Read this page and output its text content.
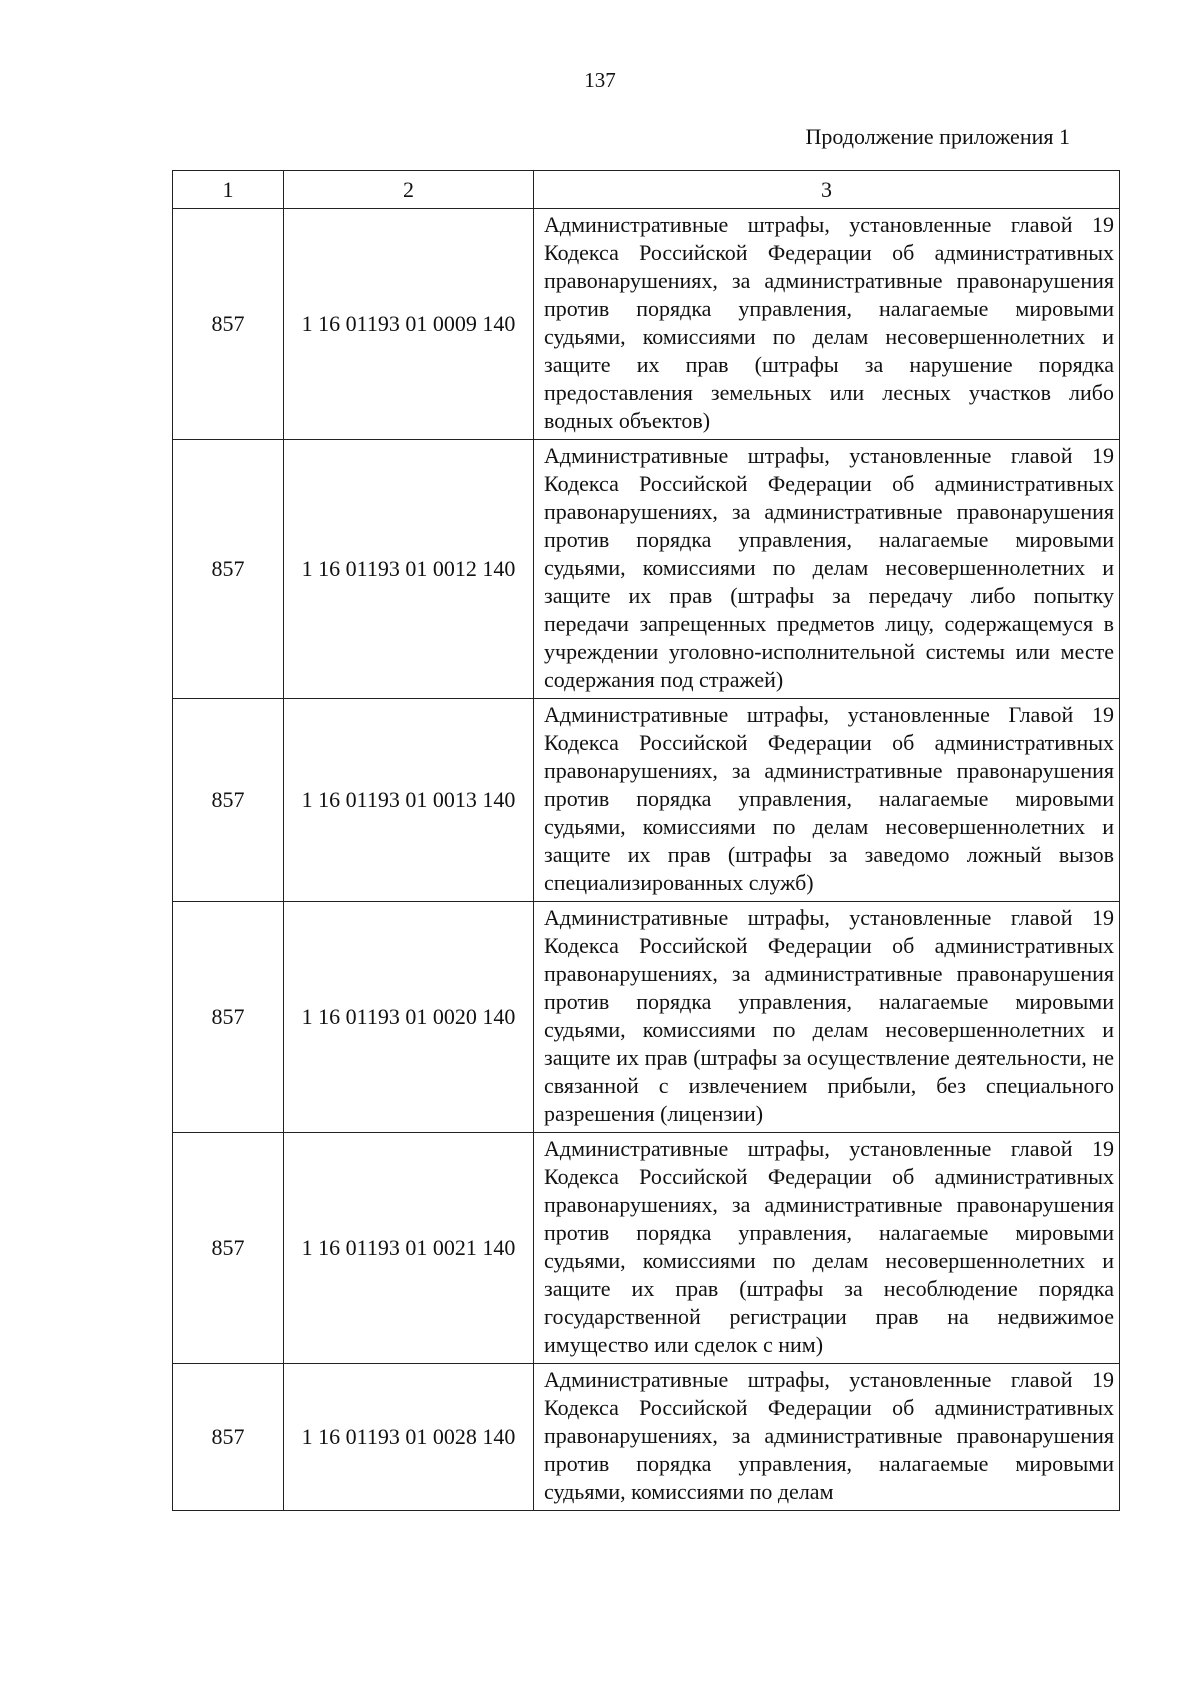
137
Продолжение приложения 1
1	2	3
857	1 16 01193 01 0009 140	Административные штрафы, установленные главой 19 Кодекса Российской Федерации об административных правонарушениях, за административные правонарушения против порядка управления, налагаемые мировыми судьями, комиссиями по делам несовершеннолетних и защите их прав (штрафы за нарушение порядка предоставления земельных или лесных участков либо водных объектов)
857	1 16 01193 01 0012 140	Административные штрафы, установленные главой 19 Кодекса Российской Федерации об административных правонарушениях, за административные правонарушения против порядка управления, налагаемые мировыми судьями, комиссиями по делам несовершеннолетних и защите их прав (штрафы за передачу либо попытку передачи запрещенных предметов лицу, содержащемуся в учреждении уголовно-исполнительной системы или месте содержания под стражей)
857	1 16 01193 01 0013 140	Административные штрафы, установленные Главой 19 Кодекса Российской Федерации об административных правонарушениях, за административные правонарушения против порядка управления, налагаемые мировыми судьями, комиссиями по делам несовершеннолетних и защите их прав (штрафы за заведомо ложный вызов специализированных служб)
857	1 16 01193 01 0020 140	Административные штрафы, установленные главой 19 Кодекса Российской Федерации об административных правонарушениях, за административные правонарушения против порядка управления, налагаемые мировыми судьями, комиссиями по делам несовершеннолетних и защите их прав (штрафы за осуществление деятельности, не связанной с извлечением прибыли, без специального разрешения (лицензии)
857	1 16 01193 01 0021 140	Административные штрафы, установленные главой 19 Кодекса Российской Федерации об административных правонарушениях, за административные правонарушения против порядка управления, налагаемые мировыми судьями, комиссиями по делам несовершеннолетних и защите их прав (штрафы за несоблюдение порядка государственной регистрации прав на недвижимое имущество или сделок с ним)
857	1 16 01193 01 0028 140	Административные штрафы, установленные главой 19 Кодекса Российской Федерации об административных правонарушениях, за административные правонарушения против порядка управления, налагаемые мировыми судьями, комиссиями по делам
